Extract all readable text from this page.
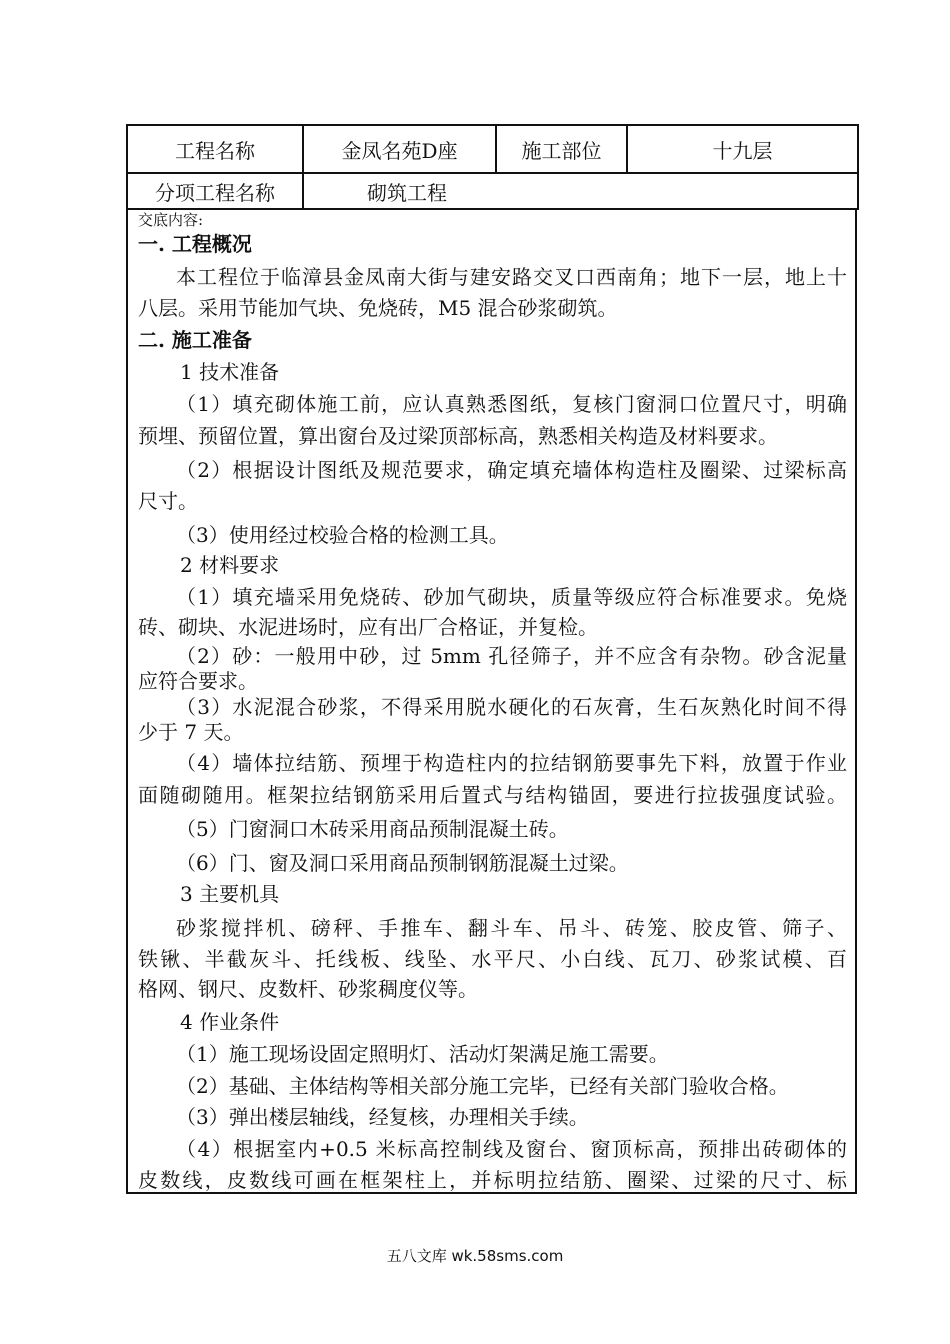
工程名称	金凤名苑D座	施工部位	十九层
分项工程名称	砌筑工程		
交底内容:
一. 工程概况
本工程位于临漳县金凤南大街与建安路交叉口西南角；地下一层，地上十
八层。采用节能加气块、免烧砖，M5 混合砂浆砌筑。
二. 施工准备
1 技术准备
（1）填充砌体施工前，应认真熟悉图纸，复核门窗洞口位置尺寸，明确
预埋、预留位置，算出窗台及过梁顶部标高，熟悉相关构造及材料要求。
（2）根据设计图纸及规范要求，确定填充墙体构造柱及圈梁、过梁标高
尺寸。
（3）使用经过校验合格的检测工具。
2 材料要求
（1）填充墙采用免烧砖、砂加气砌块，质量等级应符合标准要求。免烧
砖、砌块、水泥进场时，应有出厂合格证，并复检。
（2）砂：一般用中砂，过 5mm 孔径筛子，并不应含有杂物。砂含泥量
应符合要求。
（3）水泥混合砂浆，不得采用脱水硬化的石灰膏，生石灰熟化时间不得
少于 7 天。
（4）墙体拉结筋、预埋于构造柱内的拉结钢筋要事先下料，放置于作业
面随砌随用。框架拉结钢筋采用后置式与结构锚固，要进行拉拔强度试验。
（5）门窗洞口木砖采用商品预制混凝土砖。
（6）门、窗及洞口采用商品预制钢筋混凝土过梁。
3 主要机具
砂浆搅拌机、磅秤、手推车、翻斗车、吊斗、砖笼、胶皮管、筛子、
铁锹、半截灰斗、托线板、线坠、水平尺、小白线、瓦刀、砂浆试模、百
格网、钢尺、皮数杆、砂浆稠度仪等。
4 作业条件
（1）施工现场设固定照明灯、活动灯架满足施工需要。
（2）基础、主体结构等相关部分施工完毕，已经有关部门验收合格。
（3）弹出楼层轴线，经复核，办理相关手续。
（4）根据室内+0.5 米标高控制线及窗台、窗顶标高，预排出砖砌体的
皮数线，皮数线可画在框架柱上，并标明拉结筋、圈梁、过梁的尺寸、标
五八文库 wk.58sms.com
